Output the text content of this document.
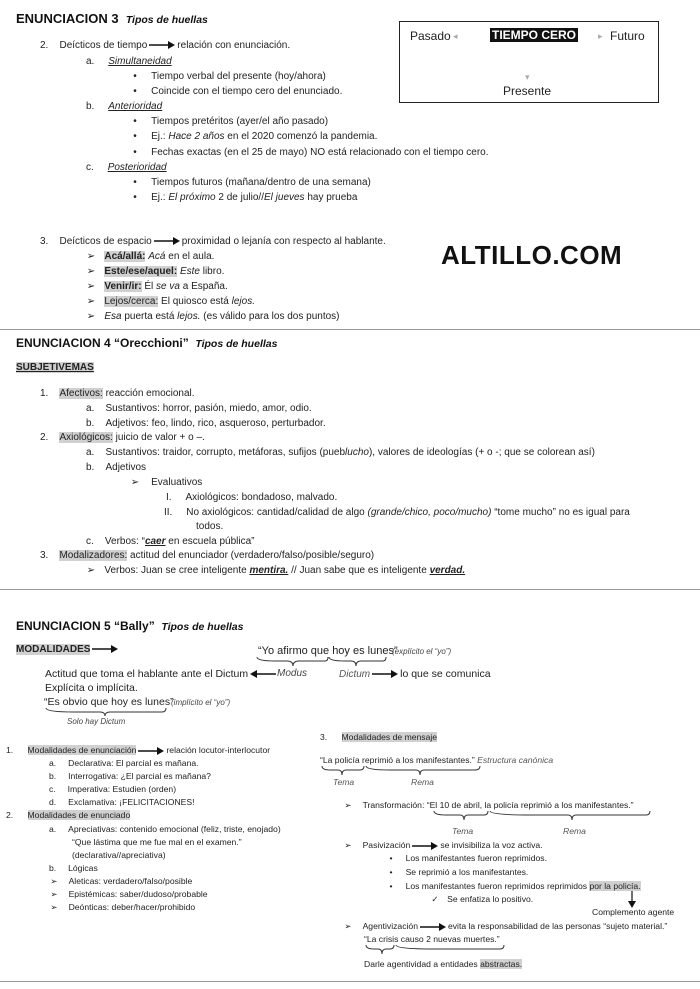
ENUNCIACION 3 Tipos de huellas
2. Deícticos de tiempo	relación con enunciación.
a. Simultaneidad
• Tiempo verbal del presente (hoy/ahora)
• Coincide con el tiempo cero del enunciado.
b. Anterioridad
• Tiempos pretéritos (ayer/el año pasado)
• Ej.: Hace 2 años en el 2020 comenzó la pandemia.
• Fechas exactas (en el 25 de mayo) NO está relacionado con el tiempo cero.
c. Posterioridad
• Tiempos futuros (mañana/dentro de una semana)
• Ej.: El próximo 2 de julio//El jueves hay prueba
3. Deícticos de espacio	proximidad o lejanía con respecto al hablante.
➢ Acá/allá: Acá en el aula.
➢ Este/ese/aquel: Este libro.
➢ Venir/ir: Él se va a España.
➢ Lejos/cerca: El quiosco está lejos.
➢ Esa puerta está lejos. (es válido para los dos puntos)
Pasado ◂	TIEMPO CERO ▸ Futuro
▾
Presente
ALTILLO.COM
ENUNCIACION 4 “Orecchioni” Tipos de huellas
SUBJETIVEMAS
1. Afectivos: reacción emocional.
a. Sustantivos: horror, pasión, miedo, amor, odio.
b. Adjetivos: feo, lindo, rico, asqueroso, perturbador.
2. Axiológicos: juicio de valor + o –.
a. Sustantivos: traidor, corrupto, metáforas, sufijos (pueblucho), valores de ideologías (+ o -; que se colorean así)
b. Adjetivos
➢ Evaluativos
I. Axiológicos: bondadoso, malvado.
II. No axiológicos: cantidad/calidad de algo (grande/chico, poco/mucho) “tome mucho” no es igual para
todos.
c. Verbos: “caer en escuela pública”
3. Modalizadores: actitud del enunciador (verdadero/falso/posible/seguro)
➢ Verbos: Juan se cree inteligente mentira. // Juan sabe que es inteligente verdad.
ENUNCIACION 5 “Bally” Tipos de huellas
MODALIDADES	“Yo afirmo que hoy es lunes”
(explícito el “yo”)
Actitud que toma el hablante ante el Dictum	Modus	Dictum	lo que se comunica
Explícita o implícita.
“Es obvio que hoy es lunes”
(implícito el “yo”)
Solo hay Dictum
1. Modalidades de enunciación	relación locutor-interlocutor
a. Declarativa: El parcial es mañana.
b. Interrogativa: ¿El parcial es mañana?
c. Imperativa: Estudien (orden)
d. Exclamativa: ¡FELICITACIONES!
2. Modalidades de enunciado
a. Apreciativas: contenido emocional (feliz, triste, enojado)
“Que lástima que me fue mal en el examen.”
(declarativa//apreciativa)
b. Lógicas
➢ Aleticas: verdadero/falso/posible
➢ Epistémicas: saber/dudoso/probable
➢ Deónticas: deber/hacer/prohibido
3. Modalidades de mensaje
“La policía reprimió a los manifestantes.” Estructura canónica
Tema	Rema
➢ Transformación: “El 10 de abril, la policía reprimió a los manifestantes.”
Tema	Rema
➢ Pasivización	se invisibiliza la voz activa.
• Los manifestantes fueron reprimidos.
• Se reprimió a los manifestantes.
• Los manifestantes fueron reprimidos reprimidos por la policía.
✓ Se enfatiza lo positivo.
Complemento agente
➢ Agentivización	evita la responsabilidad de las personas “sujeto material.”
“La crisis causo 2 nuevas muertes.”
Darle agentividad a entidades abstractas.
